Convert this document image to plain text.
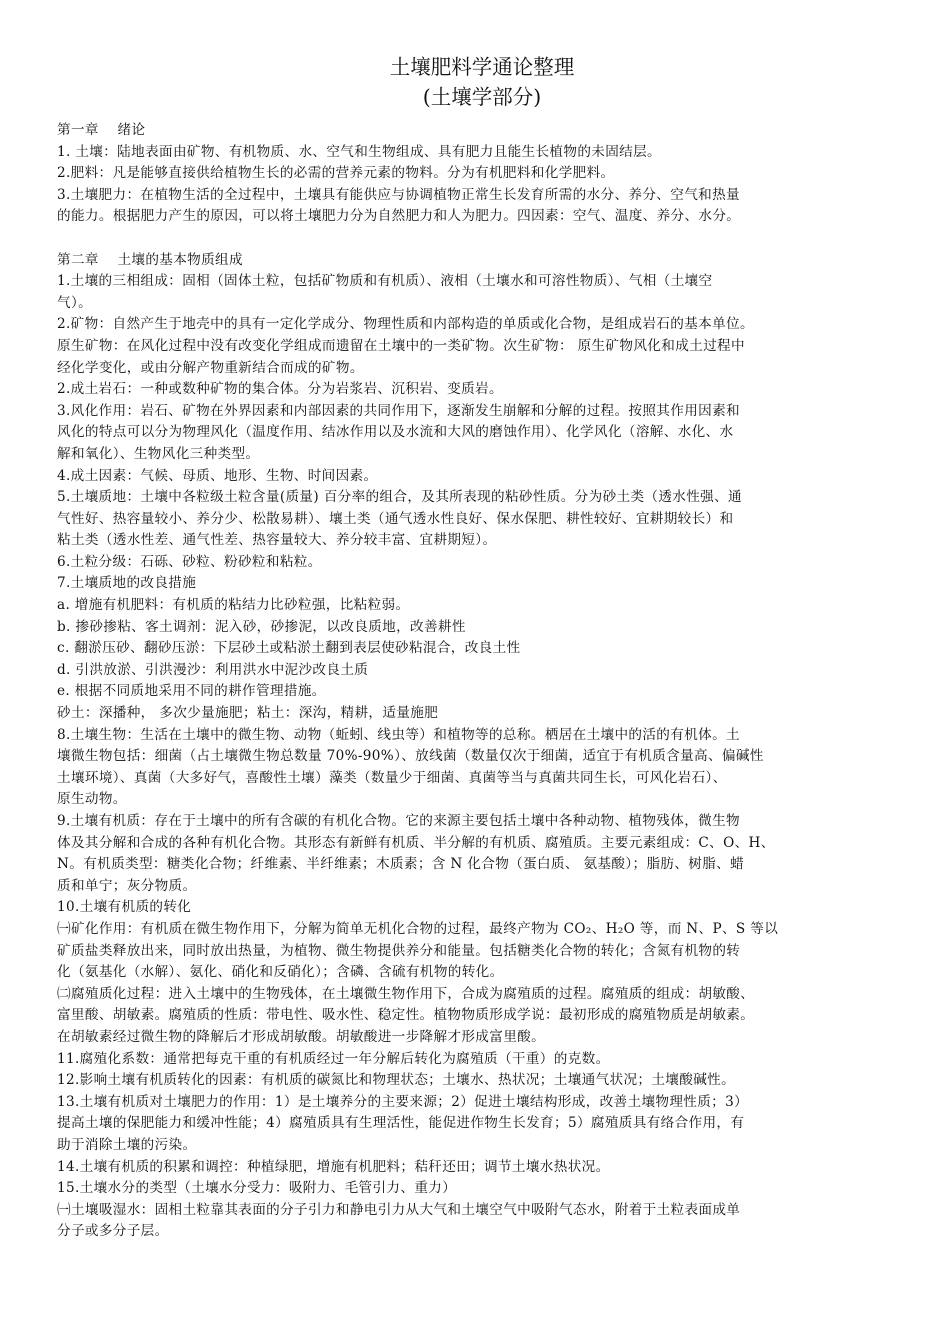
土壤肥料学通论整理
(土壤学部分)

第一章　 绪论

1. 土壤：陆地表面由矿物、有机物质、水、空气和生物组成、具有肥力且能生长植物的未固结层。

2.肥料：凡是能够直接供给植物生长的必需的营养元素的物料。分为有机肥料和化学肥料。

3.土壤肥力：在植物生活的全过程中，土壤具有能供应与协调植物正常生长发育所需的水分、养分、空气和热量

的能力。根据肥力产生的原因，可以将土壤肥力分为自然肥力和人为肥力。四因素：空气、温度、养分、水分。

第二章　 土壤的基本物质组成

1.土壤的三相组成：固相（固体土粒，包括矿物质和有机质）、液相（土壤水和可溶性物质）、气相（土壤空

气）。

2.矿物：自然产生于地壳中的具有一定化学成分、物理性质和内部构造的单质或化合物，是组成岩石的基本单位。

原生矿物：在风化过程中没有改变化学组成而遗留在土壤中的一类矿物。次生矿物： 原生矿物风化和成土过程中

经化学变化，或由分解产物重新结合而成的矿物。

2.成土岩石：一种或数种矿物的集合体。分为岩浆岩、沉积岩、变质岩。

3.风化作用：岩石、矿物在外界因素和内部因素的共同作用下，逐渐发生崩解和分解的过程。按照其作用因素和

风化的特点可以分为物理风化（温度作用、结冰作用以及水流和大风的磨蚀作用）、化学风化（溶解、水化、水

解和氧化）、生物风化三种类型。

4.成土因素：气候、母质、地形、生物、时间因素。

5.土壤质地：土壤中各粒级土粒含量(质量) 百分率的组合，及其所表现的粘砂性质。分为砂土类（透水性强、通

气性好、热容量较小、养分少、松散易耕）、壤土类（通气透水性良好、保水保肥、耕性较好、宜耕期较长）和

粘土类（透水性差、通气性差、热容量较大、养分较丰富、宜耕期短）。

6.土粒分级：石砾、砂粒、粉砂粒和粘粒。

7.土壤质地的改良措施

a. 增施有机肥料：有机质的粘结力比砂粒强，比粘粒弱。

b. 掺砂掺粘、客土调剂：泥入砂，砂掺泥，以改良质地，改善耕性

c. 翻淤压砂、翻砂压淤：下层砂土或粘淤土翻到表层使砂粘混合，改良土性

d. 引洪放淤、引洪漫沙：利用洪水中泥沙改良土质

e. 根据不同质地采用不同的耕作管理措施。

砂土：深播种， 多次少量施肥；粘土：深沟，精耕，适量施肥

8.土壤生物：生活在土壤中的微生物、动物（蚯蚓、线虫等）和植物等的总称。栖居在土壤中的活的有机体。土

壤微生物包括：细菌（占土壤微生物总数量 70%-90%）、放线菌（数量仅次于细菌，适宜于有机质含量高、偏碱性

土壤环境）、真菌（大多好气，喜酸性土壤）藻类（数量少于细菌、真菌等当与真菌共同生长，可风化岩石）、

原生动物。

9.土壤有机质：存在于土壤中的所有含碳的有机化合物。它的来源主要包括土壤中各种动物、植物残体，微生物

体及其分解和合成的各种有机化合物。其形态有新鲜有机质、半分解的有机质、腐殖质。主要元素组成：C、O、H、

N。有机质类型：糖类化合物；纤维素、半纤维素；木质素；含 N 化合物（蛋白质、 氨基酸）；脂肪、树脂、蜡

质和单宁；灰分物质。

10.土壤有机质的转化

㈠矿化作用：有机质在微生物作用下，分解为简单无机化合物的过程，最终产物为 CO₂、H₂O 等，而 N、P、S 等以

矿质盐类释放出来，同时放出热量，为植物、微生物提供养分和能量。包括糖类化合物的转化；含氮有机物的转

化（氨基化（水解）、氨化、硝化和反硝化）；含磷、含硫有机物的转化。

㈡腐殖质化过程：进入土壤中的生物残体，在土壤微生物作用下，合成为腐殖质的过程。腐殖质的组成：胡敏酸、

富里酸、胡敏素。腐殖质的性质：带电性、吸水性、稳定性。植物物质形成学说：最初形成的腐殖物质是胡敏素。

在胡敏素经过微生物的降解后才形成胡敏酸。胡敏酸进一步降解才形成富里酸。

11.腐殖化系数：通常把每克干重的有机质经过一年分解后转化为腐殖质（干重）的克数。

12.影响土壤有机质转化的因素：有机质的碳氮比和物理状态；土壤水、热状况；土壤通气状况；土壤酸碱性。

13.土壤有机质对土壤肥力的作用：1）是土壤养分的主要来源；2）促进土壤结构形成，改善土壤物理性质；3）

提高土壤的保肥能力和缓冲性能；4）腐殖质具有生理活性，能促进作物生长发育；5）腐殖质具有络合作用，有

助于消除土壤的污染。

14.土壤有机质的积累和调控：种植绿肥，增施有机肥料；秸秆还田；调节土壤水热状况。

15.土壤水分的类型（土壤水分受力：吸附力、毛管引力、重力）

㈠土壤吸湿水：固相土粒靠其表面的分子引力和静电引力从大气和土壤空气中吸附气态水，附着于土粒表面成单

分子或多分子层。
